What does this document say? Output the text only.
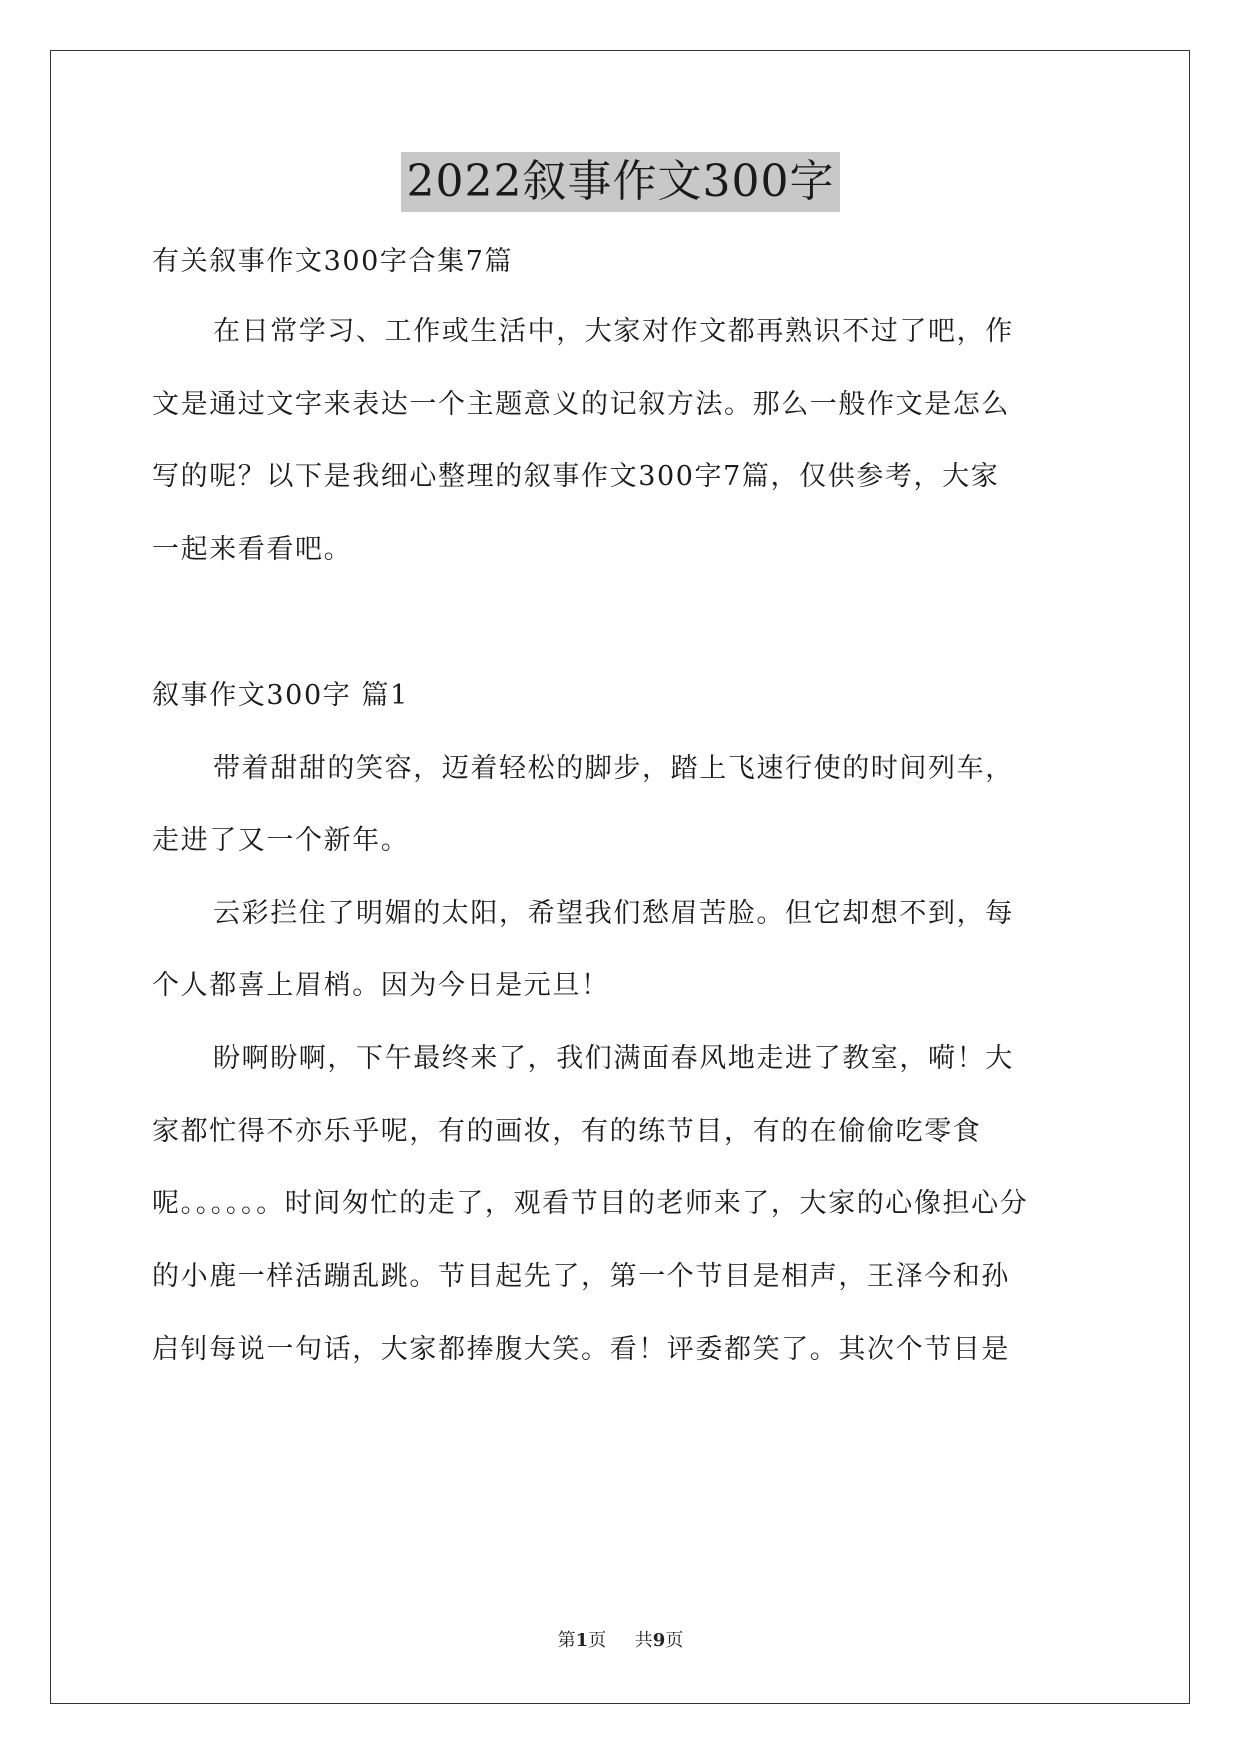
2022叙事作文300字
有关叙事作文300字合集7篇
在日常学习、工作或生活中，大家对作文都再熟识不过了吧，作
文是通过文字来表达一个主题意义的记叙方法。那么一般作文是怎么
写的呢？以下是我细心整理的叙事作文300字7篇，仅供参考，大家
一起来看看吧。
叙事作文300字 篇1
带着甜甜的笑容，迈着轻松的脚步，踏上飞速行使的时间列车，
走进了又一个新年。
云彩拦住了明媚的太阳，希望我们愁眉苦脸。但它却想不到，每
个人都喜上眉梢。因为今日是元旦！
盼啊盼啊，下午最终来了，我们满面春风地走进了教室，嗬！大
家都忙得不亦乐乎呢，有的画妆，有的练节目，有的在偷偷吃零食
呢。。。。。。时间匆忙的走了，观看节目的老师来了，大家的心像担心分
的小鹿一样活蹦乱跳。节目起先了，第一个节目是相声，王泽今和孙
启钊每说一句话，大家都捧腹大笑。看！评委都笑了。其次个节目是
第1页 共9页
